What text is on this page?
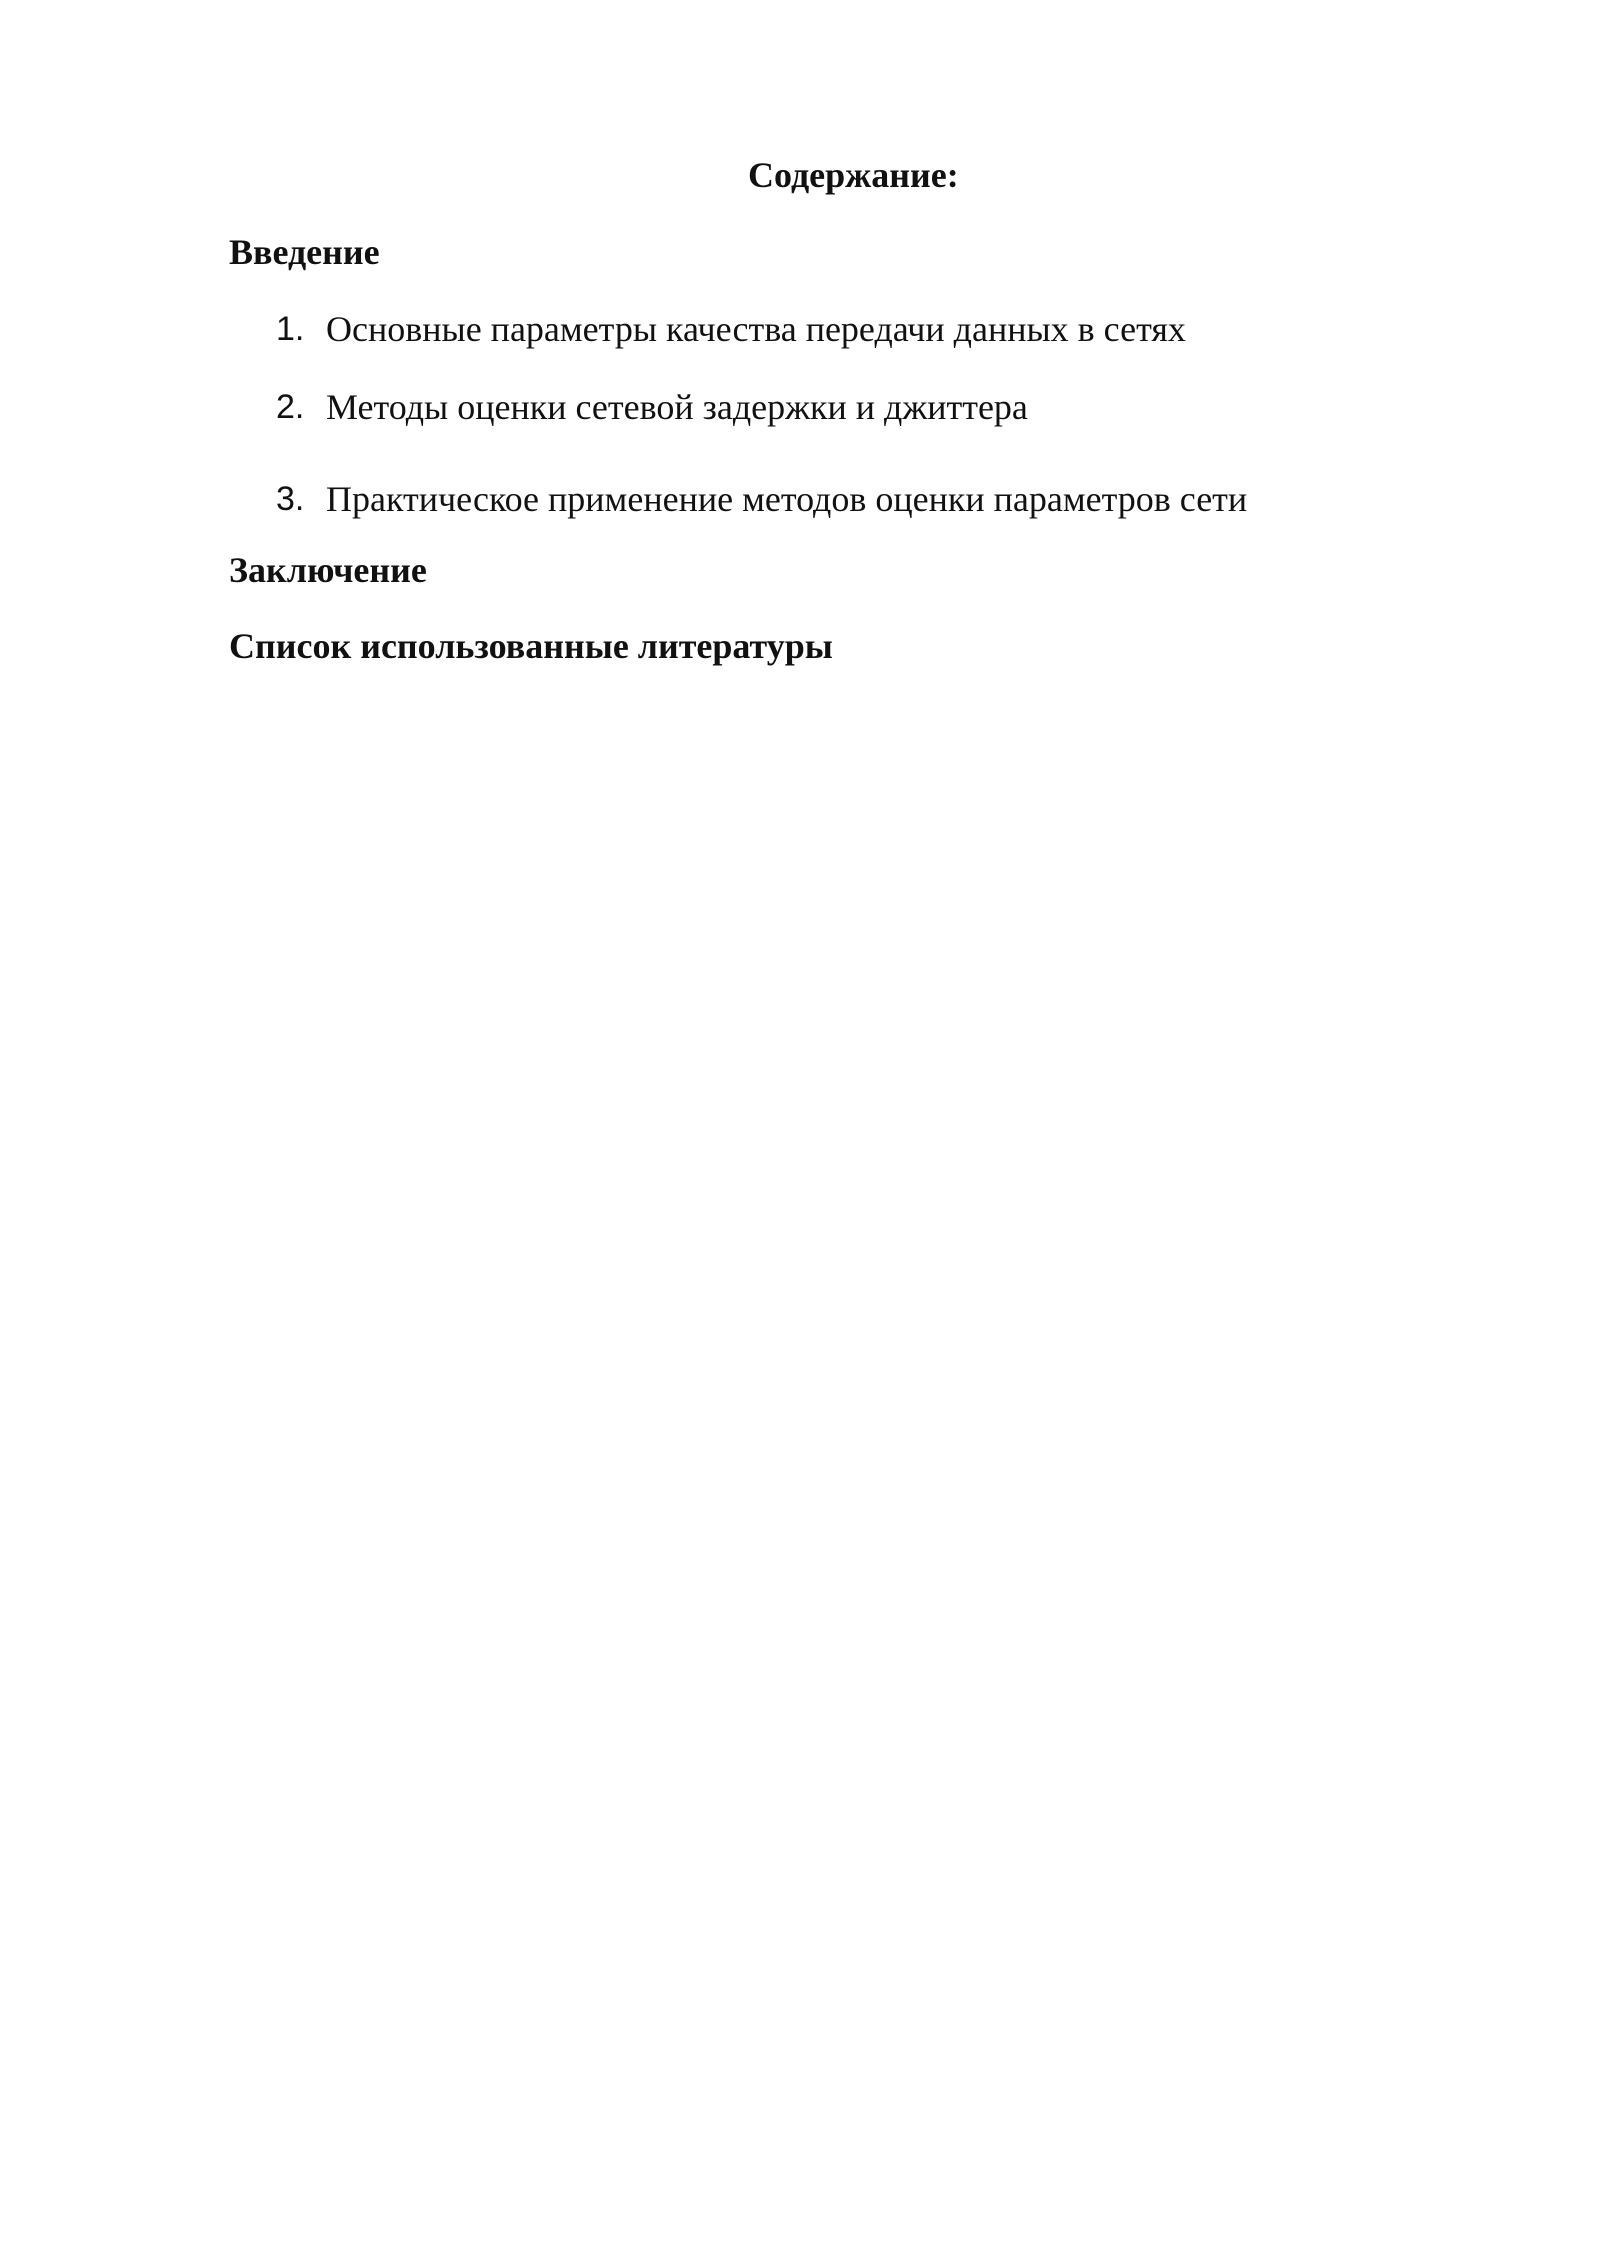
Содержание:
Введение
1. Основные параметры качества передачи данных в сетях
2. Методы оценки сетевой задержки и джиттера
3. Практическое применение методов оценки параметров сети
Заключение
Список использованные литературы
